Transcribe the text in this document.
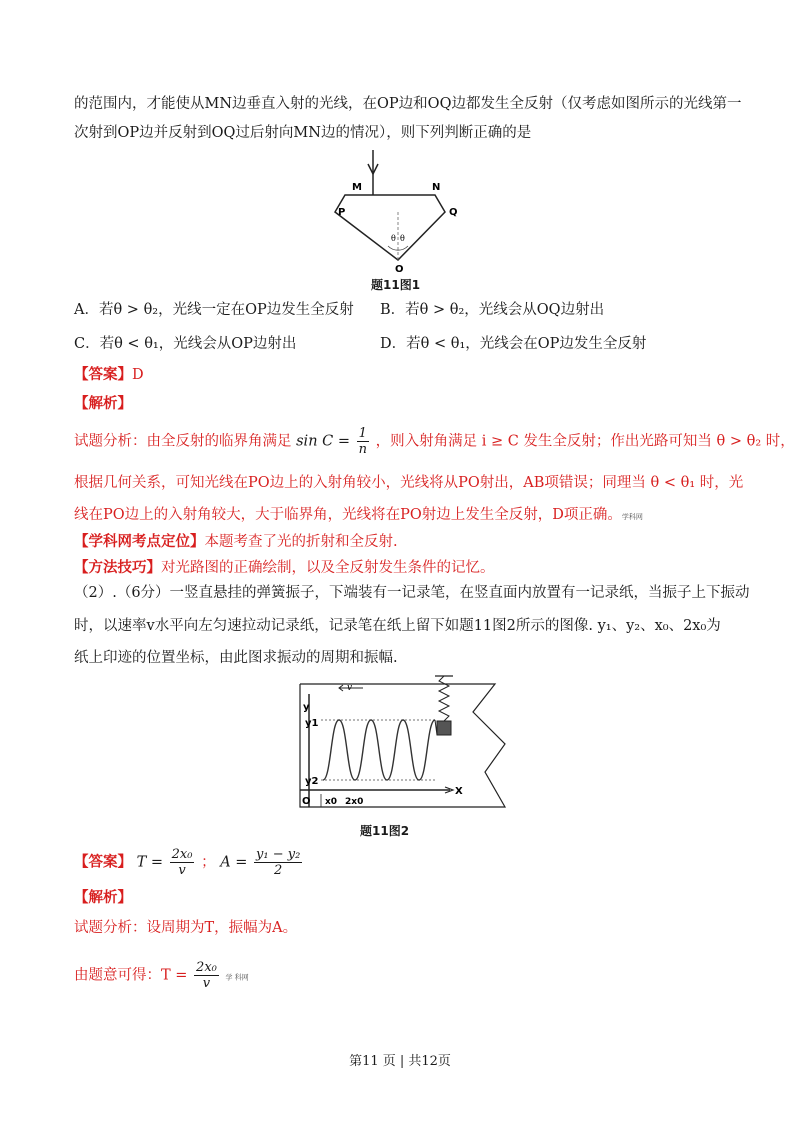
的范围内，才能使从MN边垂直入射的光线，在OP边和OQ边都发生全反射（仅考虑如图所示的光线第一
次射到OP边并反射到OQ过后射向MN边的情况），则下列判断正确的是
M	N
P	Q
θ θ
O
题11图1
A．若θ > θ₂，光线一定在OP边发生全反射 B．若θ > θ₂，光线会从OQ边射出
C．若θ < θ₁，光线会从OP边射出	D．若θ < θ₁，光线会在OP边发生全反射
【答案】D
【解析】
试题分析：由全反射的临界角满足 $\sin C = \frac{1}{n}$ ，则入射角满足 i ≥ C 发生全反射；作出光路可知当 θ > θ₂ 时，
根据几何关系，可知光线在PO边上的入射角较小，光线将从PO射出，AB项错误；同理当 θ < θ₁ 时，光
线在PO边上的入射角较大，大于临界角，光线将在PO射边上发生全反射，D项正确。学科网
【学科网考点定位】本题考查了光的折射和全反射.
【方法技巧】对光路图的正确绘制，以及全反射发生条件的记忆。
（2）.（6分）一竖直悬挂的弹簧振子，下端装有一记录笔，在竖直面内放置有一记录纸，当振子上下振动
时，以速率v水平向左匀速拉动记录纸，记录笔在纸上留下如题11图2所示的图像. y₁、y₂、x₀、2x₀为
纸上印迹的位置坐标，由此图求振动的周期和振幅.
v
y
y1
y2
O x0 2x0
X
题11图2
【答案】 $T = \frac{\text{2x₀}}{v}$ ； $A = \frac{\text{y₁ − y₂}}{2}$
【解析】
试题分析：设周期为T，振幅为A。
由题意可得：$T = \frac{\text{2x₀}}{v}$ 学 科网
第11 页 | 共12页
